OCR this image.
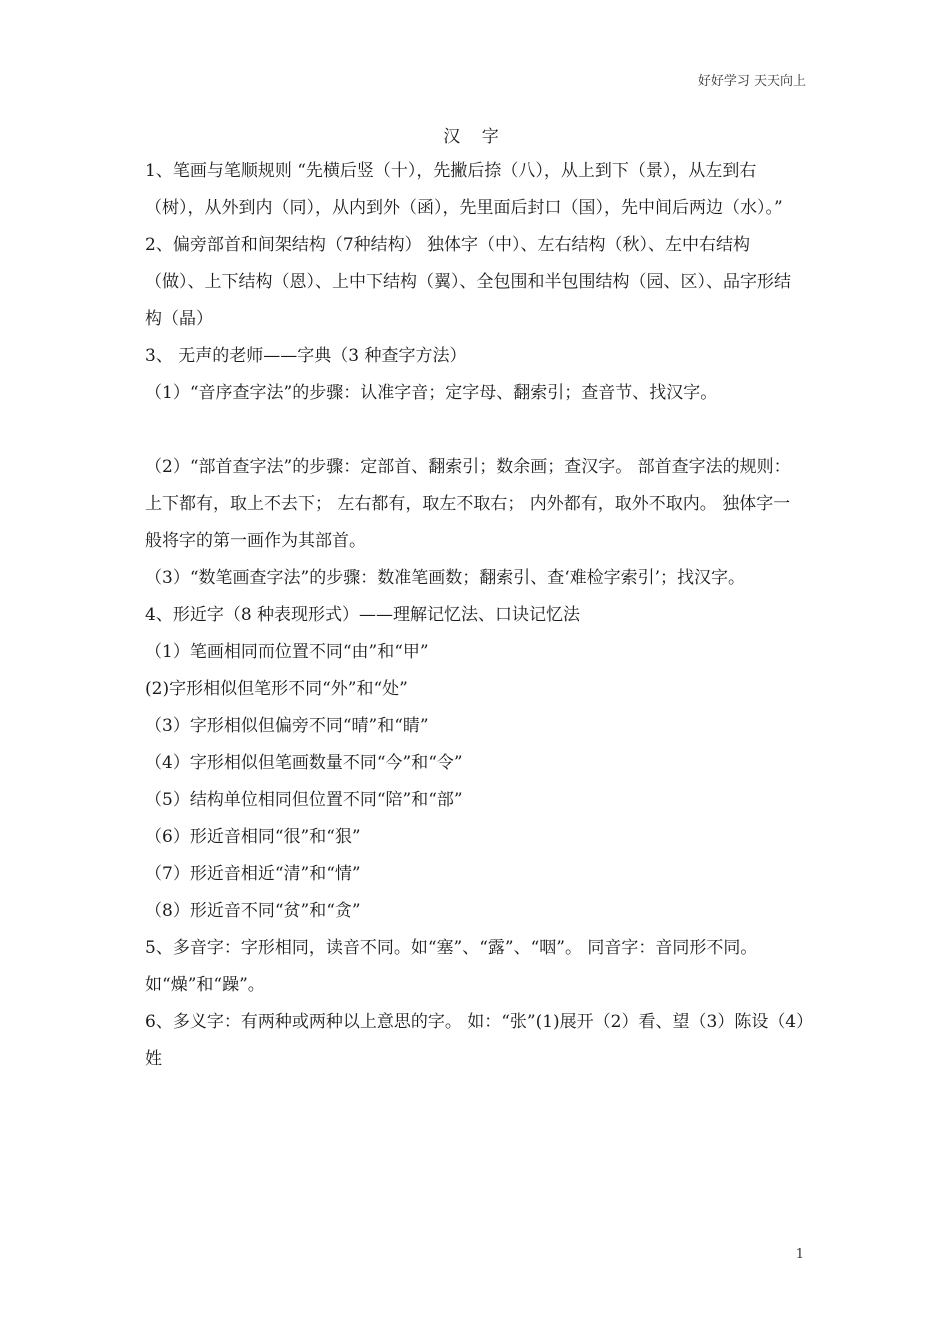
好好学习 天天向上
汉 字

1、笔画与笔顺规则 “先横后竖（十），先撇后捺（八），从上到下（景），从左到右（树），从外到内（同），从内到外（函），先里面后封口（国），先中间后两边（水）。”

2、偏旁部首和间架结构（7种结构） 独体字（中）、左右结构（秋）、左中右结构（做）、上下结构（恩）、上中下结构（翼）、全包围和半包围结构（园、区）、品字形结构（晶）

3、 无声的老师——字典（3 种查字方法）

（1）“音序查字法”的步骤：认准字音；定字母、翻索引；查音节、找汉字。

（2）“部首查字法”的步骤：定部首、翻索引；数余画；查汉字。 部首查字法的规则：上下都有，取上不去下； 左右都有，取左不取右； 内外都有，取外不取内。 独体字一般将字的第一画作为其部首。

（3）“数笔画查字法”的步骤：数准笔画数；翻索引、查‘难检字索引’；找汉字。

4、形近字（8 种表现形式）——理解记忆法、口诀记忆法

（1）笔画相同而位置不同“由”和“甲”

(2)字形相似但笔形不同“外”和“处”

（3）字形相似但偏旁不同“晴”和“睛”

（4）字形相似但笔画数量不同“今”和“令”

（5）结构单位相同但位置不同“陪”和“部”

（6）形近音相同“很”和“狠”

（7）形近音相近“清”和“情”

（8）形近音不同“贫”和“贪”

5、多音字：字形相同，读音不同。如“塞”、“露”、“咽”。 同音字：音同形不同。如“燥”和“躁”。

6、多义字：有两种或两种以上意思的字。 如：“张”(1)展开（2）看、望（3）陈设（4）姓

1
